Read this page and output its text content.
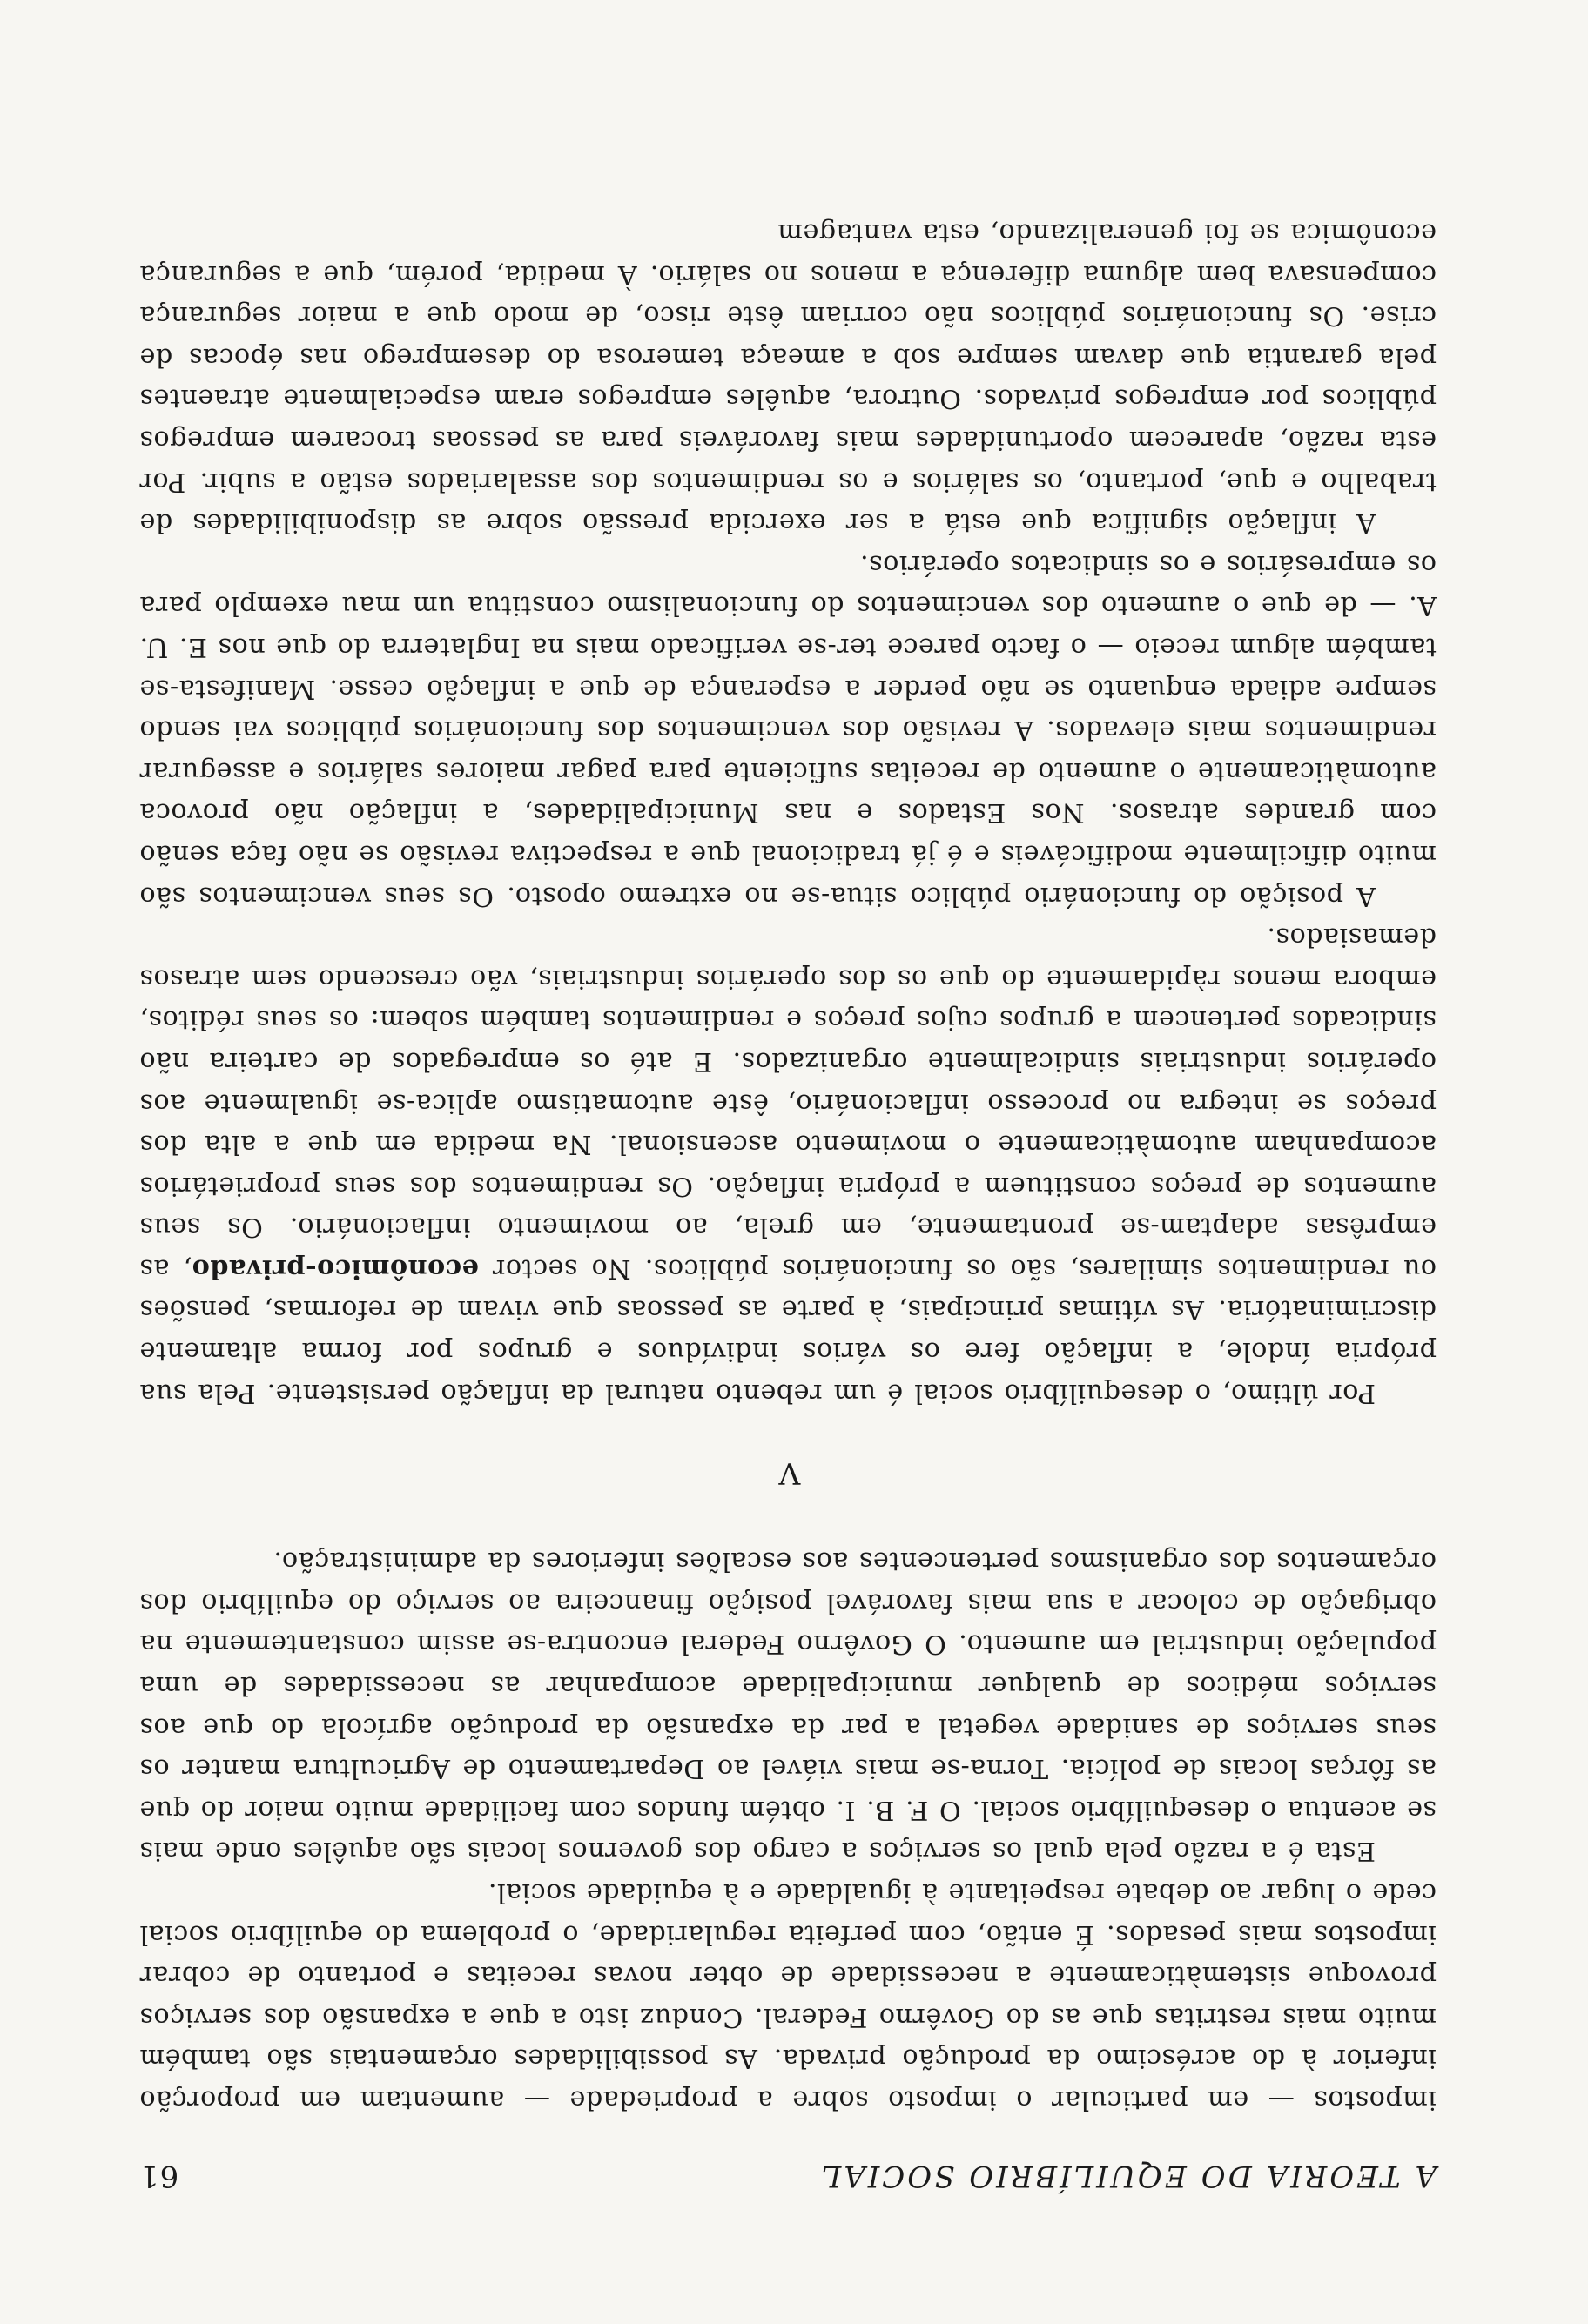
A TEORIA DO EQUILÍBRIO SOCIAL
61

impostos — em particular o imposto sobre a propriedade — aumentam em proporção inferior à do acréscimo da produção privada. As possibilidades orçamentais são também muito mais restritas que as do Govêrno Federal. Conduz isto a que a expansão dos serviços provoque sistemàticamente a necessidade de obter novas receitas e portanto de cobrar impostos mais pesados. É então, com perfeita regularidade, o problema do equilíbrio social cede o lugar ao debate respeitante à igualdade e à equidade social.

Esta é a razão pela qual os serviços a cargo dos governos locais são aquêles onde mais se acentua o desequilíbrio social. O F. B. I. obtém fundos com facilidade muito maior do que as fôrças locais de polícia. Torna-se mais viável ao Departamento de Agricultura manter os seus serviços de sanidade vegetal a par da expansão da produção agrícola do que aos serviços médicos de qualquer municipalidade acompanhar as necessidades de uma população industrial em aumento. O Govêrno Federal encontra-se assim constantemente na obrigação de colocar a sua mais favorável posição financeira ao serviço do equilíbrio dos orçamentos dos organismos pertencentes aos escalões inferiores da administração.

V

Por último, o desequilíbrio social é um rebento natural da inflação persistente. Pela sua própria índole, a inflação fere os vários indivíduos e grupos por forma altamente discriminatória. As vítimas principais, à parte as pessoas que vivam de reformas, pensões ou rendimentos similares, são os funcionários públicos. No sector econômico-privado, as emprêsas adaptam-se prontamente, em grela, ao movimento inflacionário. Os seus aumentos de preços constituem a própria inflação. Os rendimentos dos seus proprietários acompanham automàticamente o movimento ascensional. Na medida em que a alta dos preços se integra no processo inflacionário, êste automatismo aplica-se igualmente aos operários industriais sindicalmente organizados. E até os empregados de carteira não sindicados pertencem a grupos cujos preços e rendimentos também sobem: os seus réditos, embora menos ràpidamente do que os dos operários industriais, vão crescendo sem atrasos demasiados.

A posição do funcionário público situa-se no extremo oposto. Os seus vencimentos são muito dificilmente modificáveis e é já tradicional que a respectiva revisão se não faça senão com grandes atrasos. Nos Estados e nas Municipalidades, a inflação não provoca automàticamente o aumento de receitas suficiente para pagar maiores salários e assegurar rendimentos mais elevados. A revisão dos vencimentos dos funcionários públicos vai sendo sempre adiada enquanto se não perder a esperança de que a inflação cesse. Manifesta-se também algum receio — o facto parece ter-se verificado mais na Inglaterra do que nos E. U. A. — de que o aumento dos vencimentos do funcionalismo constitua um mau exemplo para os empresários e os sindicatos operários.

A inflação significa que está a ser exercida pressão sobre as disponibilidades de trabalho e que, portanto, os salários e os rendimentos dos assalariados estão a subir. Por esta razão, aparecem oportunidades mais favoráveis para as pessoas trocarem empregos públicos por empregos privados. Outrora, aquêles empregos eram especialmente atraentes pela garantia que davam sempre sob a ameaça temerosa do desemprego nas épocas de crise. Os funcionários públicos não corriam êste risco, de modo que a maior segurança compensava bem alguma diferença a menos no salário. À medida, porém, que a segurança econômica se foi generalizando, esta vantagem
